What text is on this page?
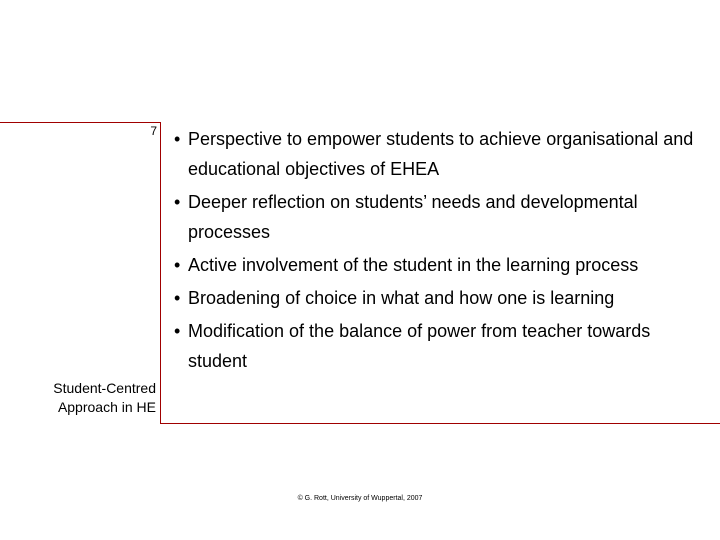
7
Student-Centred
Approach in HE
• Perspective to empower students to achieve organisational and educational objectives of EHEA
• Deeper reflection on students’ needs and developmental processes
• Active involvement of the student in the learning process
• Broadening of choice in what and how one is learning
• Modification of the balance of power from teacher towards student
© G. Rott, University of Wuppertal, 2007
